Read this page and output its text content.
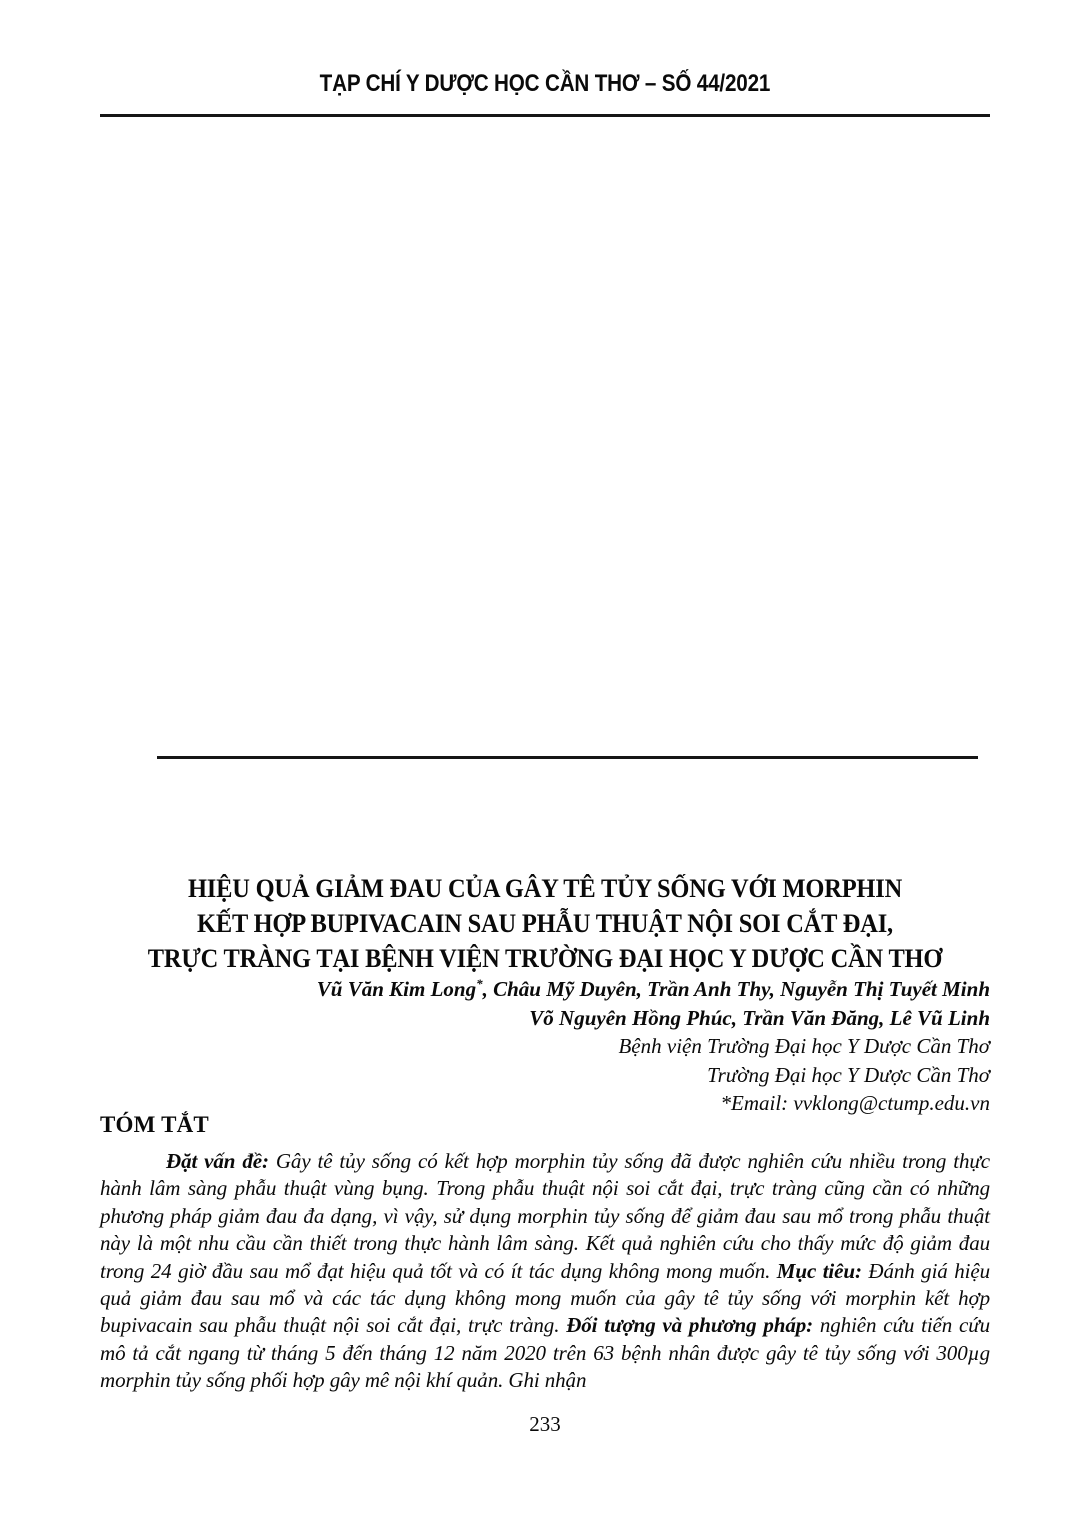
TẠP CHÍ Y DƯỢC HỌC CẦN THƠ – SỐ 44/2021
HIỆU QUẢ GIẢM ĐAU CỦA GÂY TÊ TỦY SỐNG VỚI MORPHIN
KẾT HỢP BUPIVACAIN SAU PHẪU THUẬT NỘI SOI CẮT ĐẠI,
TRỰC TRÀNG TẠI BỆNH VIỆN TRƯỜNG ĐẠI HỌC Y DƯỢC CẦN THƠ
Vũ Văn Kim Long*, Châu Mỹ Duyên, Trần Anh Thy, Nguyễn Thị Tuyết Minh
Võ Nguyên Hồng Phúc, Trần Văn Đăng, Lê Vũ Linh
Bệnh viện Trường Đại học Y Dược Cần Thơ
Trường Đại học Y Dược Cần Thơ
*Email: vvklong@ctump.edu.vn
TÓM TẮT

Đặt vấn đề: Gây tê tủy sống có kết hợp morphin tủy sống đã được nghiên cứu nhiều trong thực hành lâm sàng phẫu thuật vùng bụng. Trong phẫu thuật nội soi cắt đại, trực tràng cũng cần có những phương pháp giảm đau đa dạng, vì vậy, sử dụng morphin tủy sống để giảm đau sau mổ trong phẫu thuật này là một nhu cầu cần thiết trong thực hành lâm sàng. Kết quả nghiên cứu cho thấy mức độ giảm đau trong 24 giờ đầu sau mổ đạt hiệu quả tốt và có ít tác dụng không mong muốn. Mục tiêu: Đánh giá hiệu quả giảm đau sau mổ và các tác dụng không mong muốn của gây tê tủy sống với morphin kết hợp bupivacain sau phẫu thuật nội soi cắt đại, trực tràng. Đối tượng và phương pháp: nghiên cứu tiến cứu mô tả cắt ngang từ tháng 5 đến tháng 12 năm 2020 trên 63 bệnh nhân được gây tê tủy sống với 300µg morphin tủy sống phối hợp gây mê nội khí quản. Ghi nhận

233
